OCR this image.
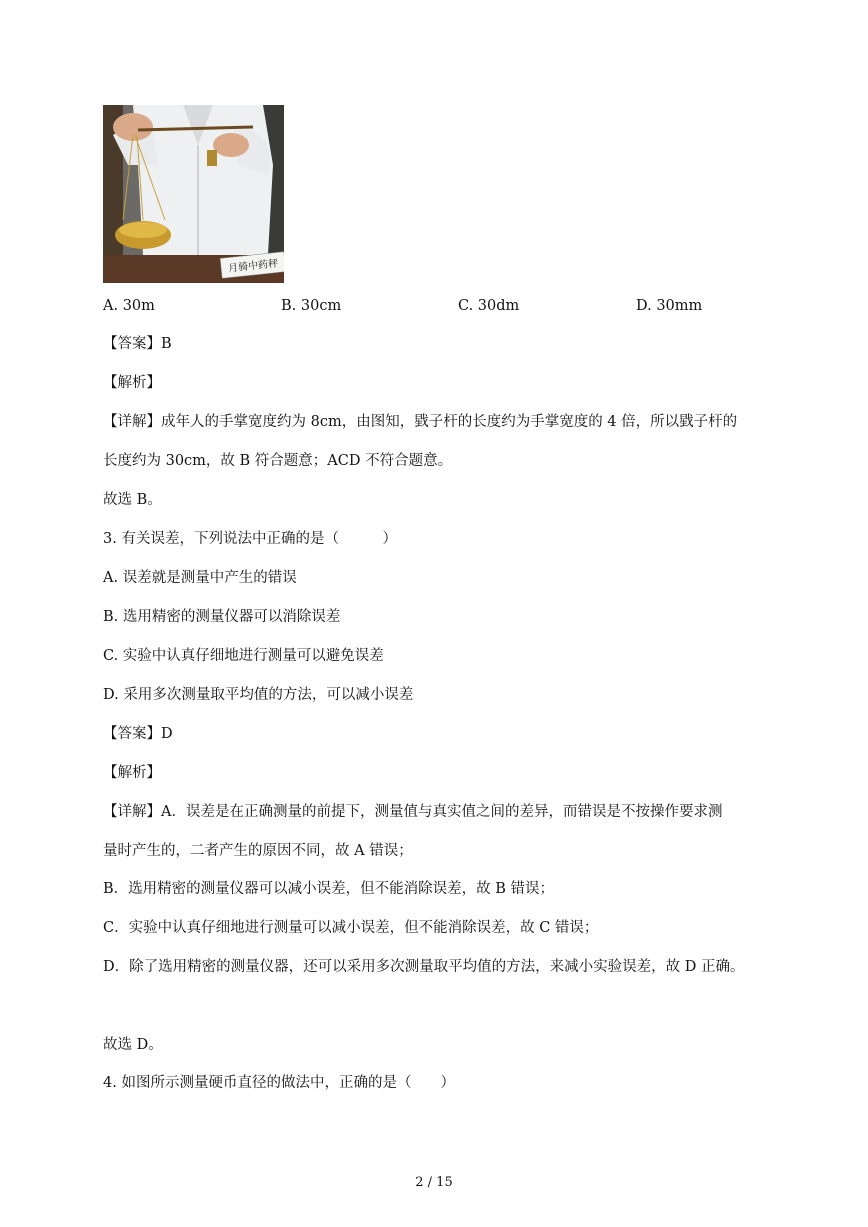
月骑中药秤
A. 30m	B. 30cm	C. 30dm	D. 30mm
【答案】B
【解析】
【详解】成年人的手掌宽度约为 8cm，由图知，戥子杆的长度约为手掌宽度的 4 倍，所以戥子杆的
长度约为 30cm，故 B 符合题意；ACD 不符合题意。
故选 B。
3. 有关误差，下列说法中正确的是（　　　）
A. 误差就是测量中产生的错误
B. 选用精密的测量仪器可以消除误差
C. 实验中认真仔细地进行测量可以避免误差
D. 采用多次测量取平均值的方法，可以减小误差
【答案】D
【解析】
【详解】A．误差是在正确测量的前提下，测量值与真实值之间的差异，而错误是不按操作要求测
量时产生的，二者产生的原因不同，故 A 错误；
B．选用精密的测量仪器可以减小误差，但不能消除误差，故 B 错误；
C．实验中认真仔细地进行测量可以减小误差，但不能消除误差，故 C 错误；
D．除了选用精密的测量仪器，还可以采用多次测量取平均值的方法，来减小实验误差，故 D 正确。
故选 D。
4. 如图所示测量硬币直径的做法中，正确的是（　　）
2 / 15
